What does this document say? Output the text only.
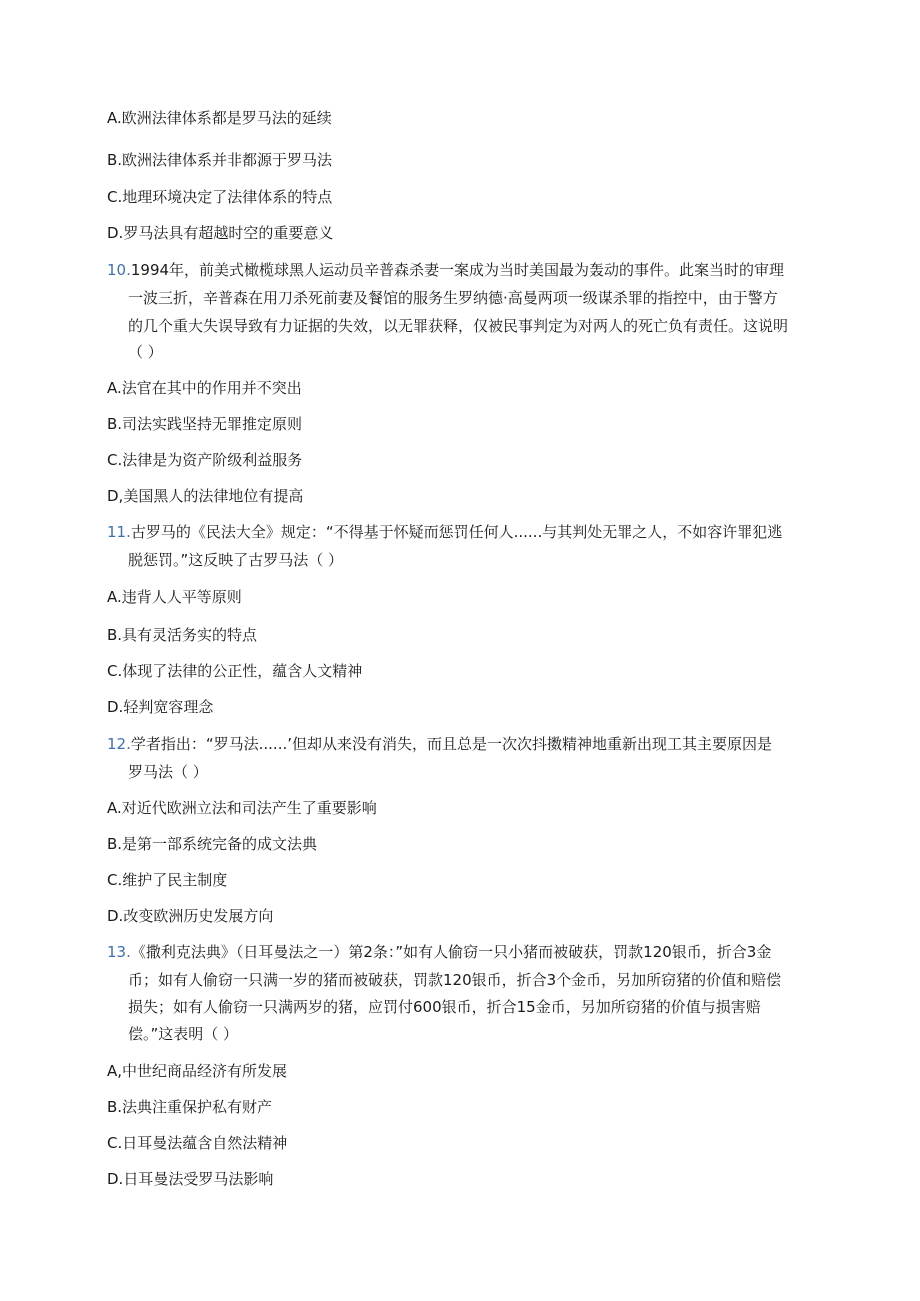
A.欧洲法律体系都是罗马法的延续
B.欧洲法律体系并非都源于罗马法
C.地理环境决定了法律体系的特点
D.罗马法具有超越时空的重要意义
10.1994年，前美式橄榄球黑人运动员辛普森杀妻一案成为当时美国最为轰动的事件。此案当时的审理
一波三折，辛普森在用刀杀死前妻及餐馆的服务生罗纳德·高曼两项一级谋杀罪的指控中，由于警方
的几个重大失误导致有力证据的失效，以无罪获释，仅被民事判定为对两人的死亡负有责任。这说明
（ ）
A.法官在其中的作用并不突出
B.司法实践坚持无罪推定原则
C.法律是为资产阶级利益服务
D,美国黑人的法律地位有提高
11.古罗马的《民法大全》规定：“不得基于怀疑而惩罚任何人......与其判处无罪之人，不如容许罪犯逃
脱惩罚。”这反映了古罗马法（ ）
A.违背人人平等原则
B.具有灵活务实的特点
C.体现了法律的公正性，蕴含人文精神
D.轻判宽容理念
12.学者指出：“罗马法......’但却从来没有消失，而且总是一次次抖擞精神地重新出现工其主要原因是
罗马法（ ）
A.对近代欧洲立法和司法产生了重要影响
B.是第一部系统完备的成文法典
C.维护了民主制度
D.改变欧洲历史发展方向
13.《撒利克法典》（日耳曼法之一）第2条：”如有人偷窃一只小猪而被破获，罚款120银币，折合3金
币；如有人偷窃一只满一岁的猪而被破获，罚款120银币，折合3个金币，另加所窃猪的价值和赔偿
损失；如有人偷窃一只满两岁的猪，应罚付600银币，折合15金币，另加所窃猪的价值与损害赔
偿。”这表明（ ）
A,中世纪商品经济有所发展
B.法典注重保护私有财产
C.日耳曼法蕴含自然法精神
D.日耳曼法受罗马法影响
